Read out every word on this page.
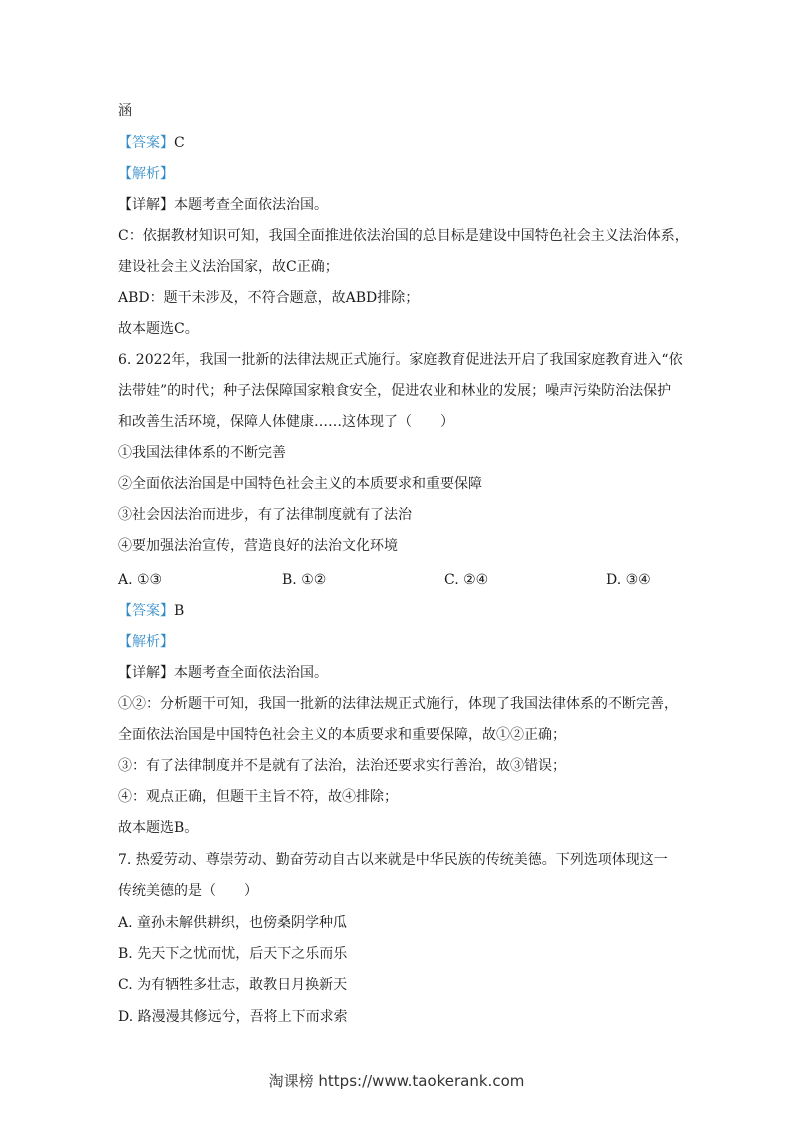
涵
【答案】C
【解析】
【详解】本题考查全面依法治国。
C：依据教材知识可知，我国全面推进依法治国的总目标是建设中国特色社会主义法治体系，
建设社会主义法治国家，故C正确；
ABD：题干未涉及，不符合题意，故ABD排除；
故本题选C。
6. 2022年，我国一批新的法律法规正式施行。家庭教育促进法开启了我国家庭教育进入“依
法带娃”的时代；种子法保障国家粮食安全，促进农业和林业的发展；噪声污染防治法保护
和改善生活环境，保障人体健康……这体现了（　　）
①我国法律体系的不断完善
②全面依法治国是中国特色社会主义的本质要求和重要保障
③社会因法治而进步，有了法律制度就有了法治
④要加强法治宣传，营造良好的法治文化环境
A. ①③	B. ①②	C. ②④	D. ③④
【答案】B
【解析】
【详解】本题考查全面依法治国。
①②：分析题干可知，我国一批新的法律法规正式施行，体现了我国法律体系的不断完善，
全面依法治国是中国特色社会主义的本质要求和重要保障，故①②正确；
③：有了法律制度并不是就有了法治，法治还要求实行善治，故③错误；
④：观点正确，但题干主旨不符，故④排除；
故本题选B。
7. 热爱劳动、尊崇劳动、勤奋劳动自古以来就是中华民族的传统美德。下列选项体现这一
传统美德的是（　　）
A. 童孙未解供耕织，也傍桑阴学种瓜
B. 先天下之忧而忧，后天下之乐而乐
C. 为有牺牲多壮志，敢教日月换新天
D. 路漫漫其修远兮，吾将上下而求索
淘课榜 https://www.taokerank.com
